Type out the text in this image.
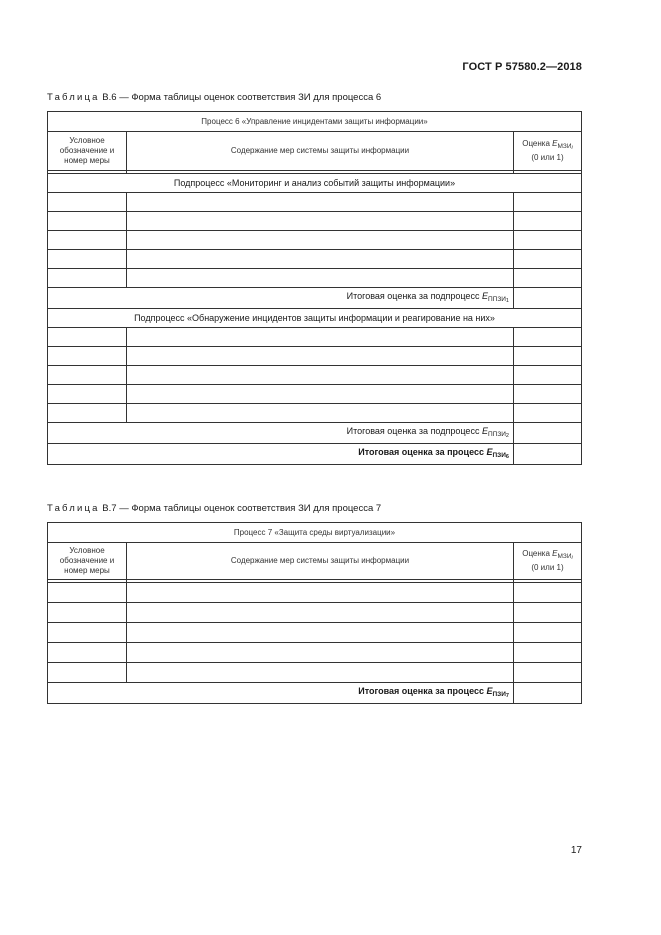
ГОСТ Р 57580.2—2018
Таблица В.6 — Форма таблицы оценок соответствия ЗИ для процесса 6
Процесс 6 «Управление инцидентами защиты информации»		
Условное обозначение и номер меры	Содержание мер системы защиты информации	Оценка $E_{МЗИ_i}$
(0 или 1)

Подпроцесс «Мониторинг и анализ событий защиты информации»		

Итоговая оценка за подпроцесс $E_{ППЗИ_1}$	
Подпроцесс «Обнаружение инцидентов защиты информации и реагирование на них»		

Итоговая оценка за подпроцесс $E_{ППЗИ_2}$	
Итоговая оценка за процесс $E_{ПЗИ_6}$	
Таблица В.7 — Форма таблицы оценок соответствия ЗИ для процесса 7
Процесс 7 «Защита среды виртуализации»		
Условное обозначение и номер меры	Содержание мер системы защиты информации	Оценка $E_{МЗИ_i}$
(0 или 1)

Итоговая оценка за процесс $E_{ПЗИ_7}$	
17
